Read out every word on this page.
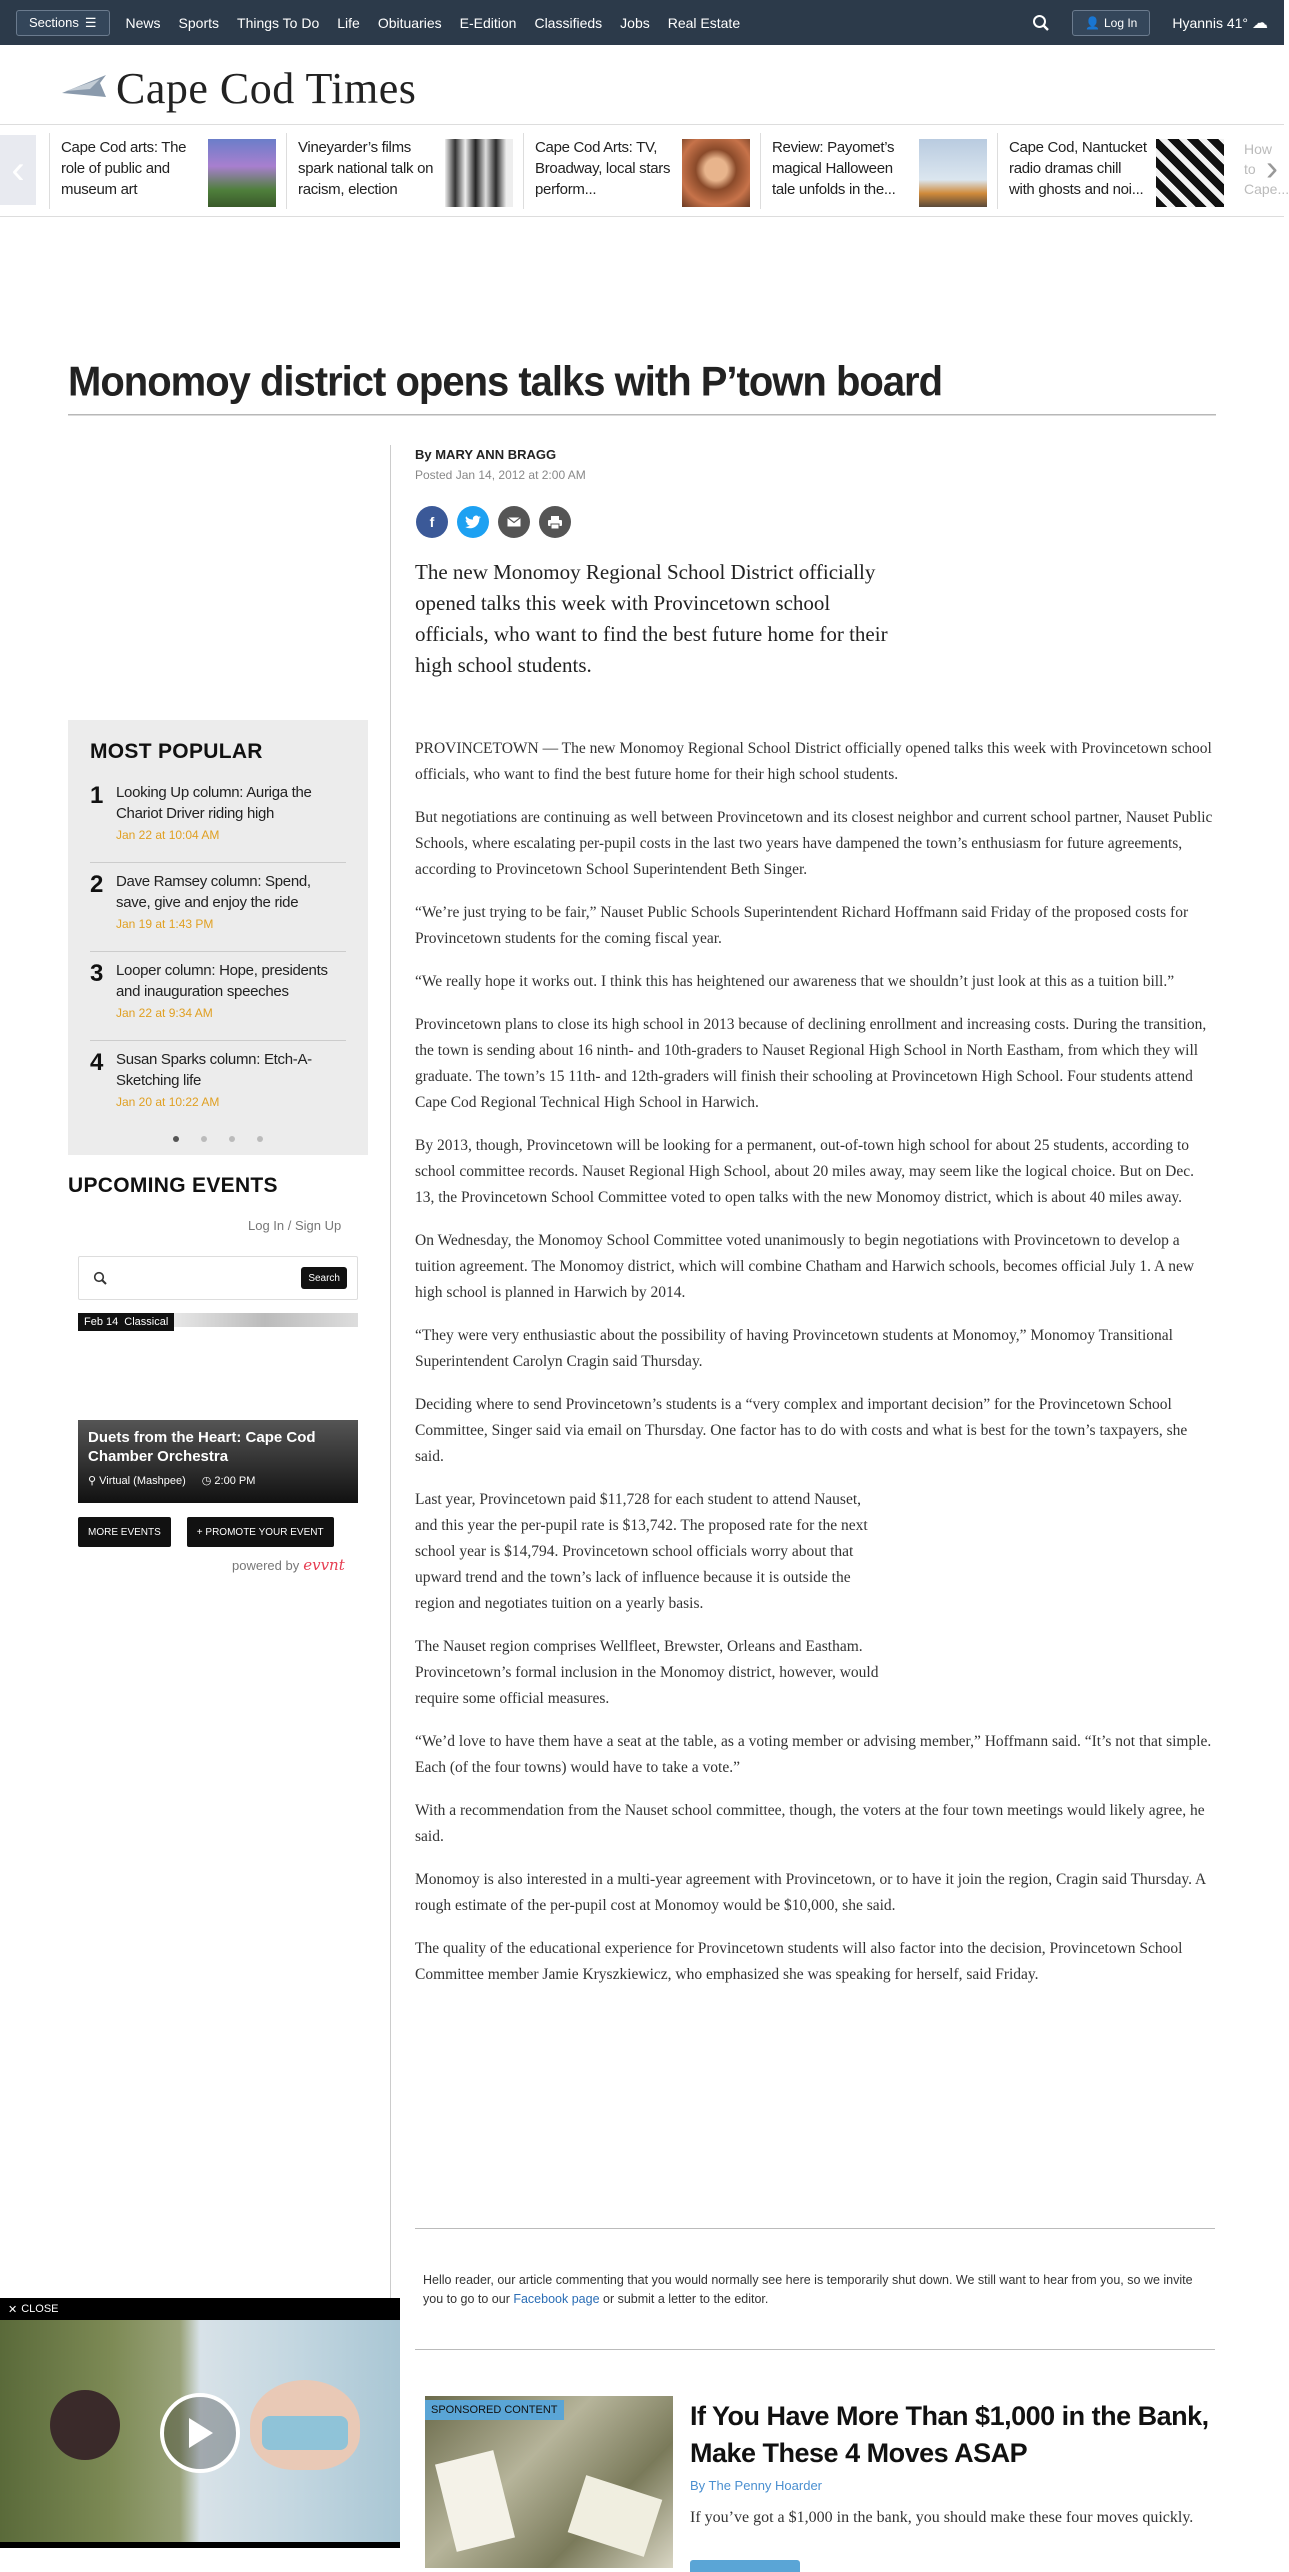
Sections ☰ News Sports Things To Do Life Obituaries E-Edition Classifieds Jobs Real Estate	👤 Log In	Hyannis 41° ☁
Cape Cod Times
‹	Cape Cod arts: The role of public and museum art
Vineyarder’s films spark national talk on racism, election
Cape Cod Arts: TV, Broadway, local stars perform...
Review: Payomet’s magical Halloween tale unfolds in the...
Cape Cod, Nantucket radio dramas chill with ghosts and noi...
How to Cape...
›
Monomoy district opens talks with P’town board
MOST POPULAR
1 Looking Up column: Auriga the Chariot Driver riding high
Jan 22 at 10:04 AM
2 Dave Ramsey column: Spend, save, give and enjoy the ride
Jan 19 at 1:43 PM
3 Looper column: Hope, presidents and inauguration speeches
Jan 22 at 9:34 AM
4 Susan Sparks column: Etch-A-Sketching life
Jan 20 at 10:22 AM
UPCOMING EVENTS
Log In / Sign Up
Search
Feb 14 Classical
Duets from the Heart: Cape Cod Chamber Orchestra
⚲ Virtual (Mashpee) ◷ 2:00 PM
MORE EVENTS	+ PROMOTE YOUR EVENT
powered by evvnt
By MARY ANN BRAGG
Posted Jan 14, 2012 at 2:00 AM
f
The new Monomoy Regional School District officially opened talks this week with Provincetown school officials, who want to find the best future home for their high school students.

PROVINCETOWN — The new Monomoy Regional School District officially opened talks this week with Provincetown school officials, who want to find the best future home for their high school students.

But negotiations are continuing as well between Provincetown and its closest neighbor and current school partner, Nauset Public Schools, where escalating per-pupil costs in the last two years have dampened the town’s enthusiasm for future agreements, according to Provincetown School Superintendent Beth Singer.

“We’re just trying to be fair,” Nauset Public Schools Superintendent Richard Hoffmann said Friday of the proposed costs for Provincetown students for the coming fiscal year.

“We really hope it works out. I think this has heightened our awareness that we shouldn’t just look at this as a tuition bill.”

Provincetown plans to close its high school in 2013 because of declining enrollment and increasing costs. During the transition, the town is sending about 16 ninth- and 10th-graders to Nauset Regional High School in North Eastham, from which they will graduate. The town’s 15 11th- and 12th-graders will finish their schooling at Provincetown High School. Four students attend Cape Cod Regional Technical High School in Harwich.

By 2013, though, Provincetown will be looking for a permanent, out-of-town high school for about 25 students, according to school committee records. Nauset Regional High School, about 20 miles away, may seem like the logical choice. But on Dec. 13, the Provincetown School Committee voted to open talks with the new Monomoy district, which is about 40 miles away.

On Wednesday, the Monomoy School Committee voted unanimously to begin negotiations with Provincetown to develop a tuition agreement. The Monomoy district, which will combine Chatham and Harwich schools, becomes official July 1. A new high school is planned in Harwich by 2014.

“They were very enthusiastic about the possibility of having Provincetown students at Monomoy,” Monomoy Transitional Superintendent Carolyn Cragin said Thursday.

Deciding where to send Provincetown’s students is a “very complex and important decision” for the Provincetown School Committee, Singer said via email on Thursday. One factor has to do with costs and what is best for the town’s taxpayers, she said.

Last year, Provincetown paid $11,728 for each student to attend Nauset, and this year the per-pupil rate is $13,742. The proposed rate for the next school year is $14,794. Provincetown school officials worry about that upward trend and the town’s lack of influence because it is outside the region and negotiates tuition on a yearly basis.

The Nauset region comprises Wellfleet, Brewster, Orleans and Eastham. Provincetown’s formal inclusion in the Monomoy district, however, would require some official measures.

“We’d love to have them have a seat at the table, as a voting member or advising member,” Hoffmann said. “It’s not that simple. Each (of the four towns) would have to take a vote.”

With a recommendation from the Nauset school committee, though, the voters at the four town meetings would likely agree, he said.

Monomoy is also interested in a multi-year agreement with Provincetown, or to have it join the region, Cragin said Thursday. A rough estimate of the per-pupil cost at Monomoy would be $10,000, she said.

The quality of the educational experience for Provincetown students will also factor into the decision, Provincetown School Committee member Jamie Kryszkiewicz, who emphasized she was speaking for herself, said Friday.

Hello reader, our article commenting that you would normally see here is temporarily shut down. We still want to hear from you, so we invite you to go to our Facebook page or submit a letter to the editor.
SPONSORED CONTENT	If You Have More Than $1,000 in the Bank, Make These 4 Moves ASAP
By The Penny Hoarder
If you’ve got a $1,000 in the bank, you should make these four moves quickly.
✕ CLOSE
